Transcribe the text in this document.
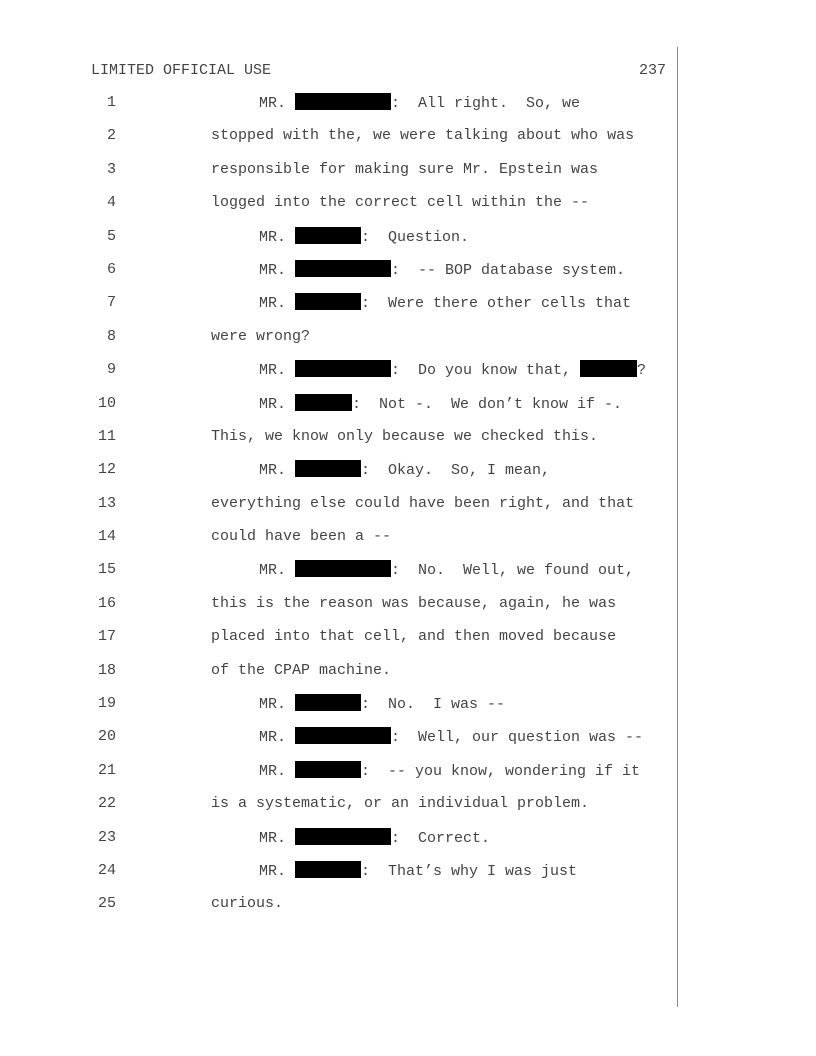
LIMITED OFFICIAL USE	237
1	MR.	:  All right.  So, we
2	stopped with the, we were talking about who was
3	responsible for making sure Mr. Epstein was
4	logged into the correct cell within the --
5	MR.	:  Question.
6	MR.	:  -- BOP database system.
7	MR.	:  Were there other cells that
8	were wrong?
9	MR.	:  Do you know that,	?
10	MR.	:  Not -.  We don’t know if -.
11	This, we know only because we checked this.
12	MR.	:  Okay.  So, I mean,
13	everything else could have been right, and that
14	could have been a --
15	MR.	:  No.  Well, we found out,
16	this is the reason was because, again, he was
17	placed into that cell, and then moved because
18	of the CPAP machine.
19	MR.	:  No.  I was --
20	MR.	:  Well, our question was --
21	MR.	:  -- you know, wondering if it
22	is a systematic, or an individual problem.
23	MR.	:  Correct.
24	MR.	:  That’s why I was just
25	curious.
